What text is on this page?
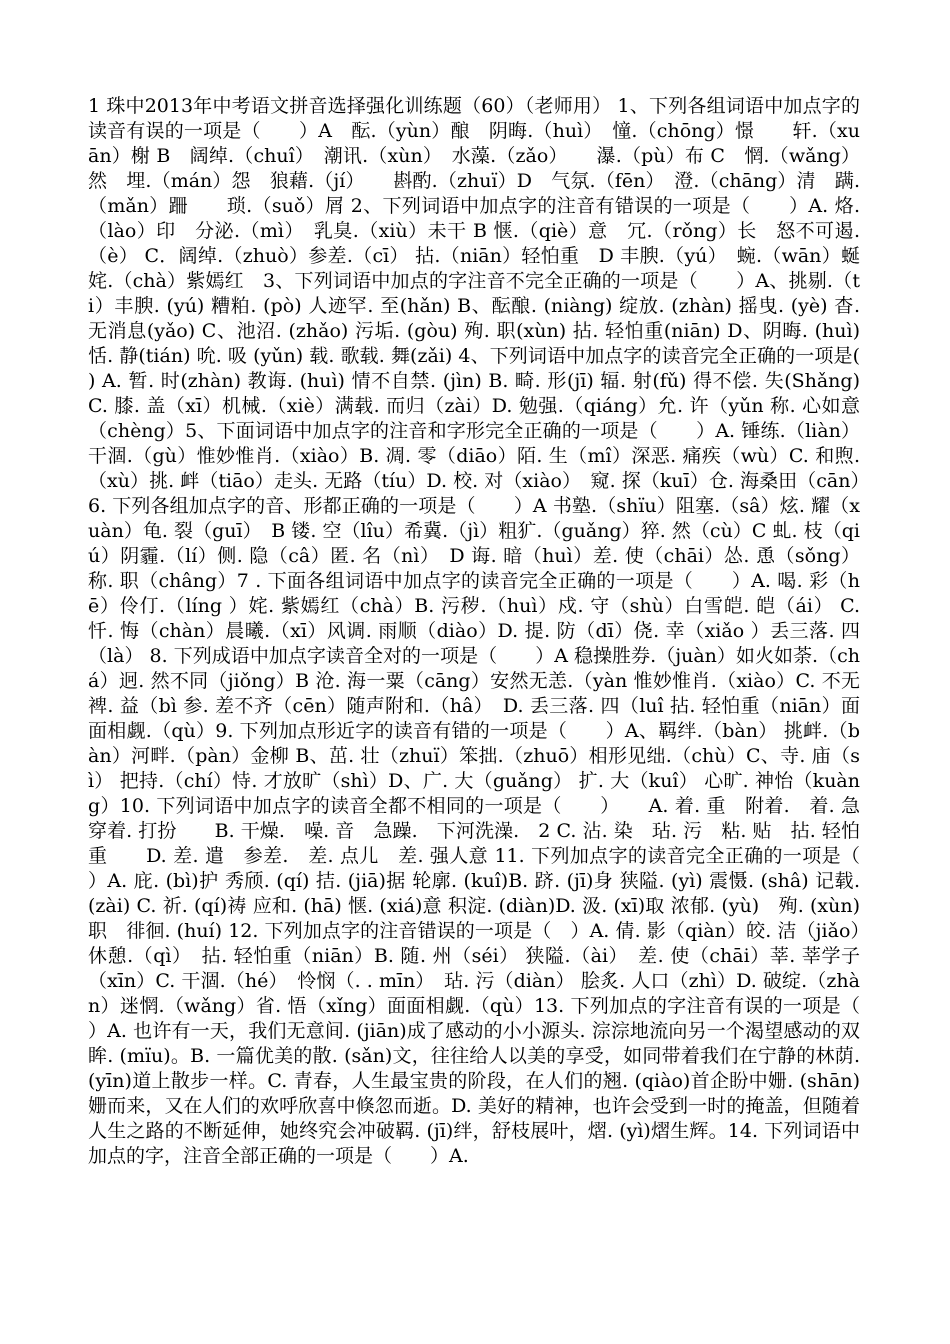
1 珠中2013年中考语文拼音选择强化训练题（60）（老师用） 1、下列各组词语中加点字的读音有误的一项是（　　）A　酝.（yùn）酿　阴晦.（huì）　憧.（chōng）憬　　轩.（xuān）榭 B　阔绰.（chuî）　潮讯.（xùn）　水藻.（zǎo）　　瀑.（pù）布 C　惘.（wǎng）然　埋.（mán）怨　狼藉.（jí）　　斟酌.（zhuï）D　气氛.（fēn）　澄.（chāng）清　蹒.（mǎn）跚　　琐.（suǒ）屑 2、下列词语中加点字的注音有错误的一项是（　　）A. 烙.（lào）印　分泌.（mì）　乳臭.（xiù）未干 B 惬.（qiè）意　冗.（rǒng）长　怒不可遏.（è） C．阔绰.（zhuò）参差.（cī） 拈.（niān）轻怕重　D 丰腴.（yú）　蜿.（wān）蜒　姹.（chà）紫嫣红　3、下列词语中加点的字注音不完全正确的一项是（　　）A、挑剔.（ti）丰腴. (yú) 糟粕. (pò) 人迹罕. 至(hǎn) B、酝酿. (niàng) 绽放. (zhàn) 摇曳. (yè) 杳. 无消息(yǎo) C、池沼. (zhǎo) 污垢. (gòu) 殉. 职(xùn) 拈. 轻怕重(niān) D、阴晦. (huì) 恬. 静(tián) 吮. 吸 (yǔn) 载. 歌载. 舞(zǎi) 4、下列词语中加点字的读音完全正确的一项是(　　) A. 暂. 时(zhàn) 教诲. (huì) 情不自禁. (jìn) B. 畸. 形(jī) 辐. 射(fǔ) 得不偿. 失(Shǎng) C. 膝. 盖（xī）机械.（xiè）满载. 而归（zài）D. 勉强.（qiáng）允. 许（yǔn 称. 心如意（chèng）5、下面词语中加点字的注音和字形完全正确的一项是（　　）A. 锤练.（liàn）干涸.（gù）惟妙惟肖.（xiào）B. 凋. 零（diāo）陌. 生（mî）深恶. 痛疾（wù）C. 和煦.（xù）挑. 衅（tiāo）走头. 无路（tíu）D. 校. 对（xiào）　窥. 探（kuī）仓. 海桑田（cān）6. 下列各组加点字的音、形都正确的一项是（　　）A 书塾.（shïu）阻塞.（sâ）炫. 耀（xuàn）龟. 裂（guī）　B 镂. 空（lîu）希冀.（jì）粗犷.（guǎng）猝. 然（cù）C 虬. 枝（qiú）阴霾.（lí）侧. 隐（câ）匿. 名（nì）　D 诲. 暗（huì）差. 使（chāi）怂. 恿（sǒng）称. 职（châng）7 . 下面各组词语中加点字的读音完全正确的一项是（　　）A. 喝. 彩（hē）伶仃.（líng ）姹. 紫嫣红（chà）B. 污秽.（huì）戍. 守（shù）白雪皑. 皑（ái） C. 忏. 悔（chàn）晨曦.（xī）风调. 雨顺（diào）D. 提. 防（dī）侥. 幸（xiǎo ）丢三落. 四（là） 8. 下列成语中加点字读音全对的一项是（　　）A 稳操胜券.（juàn）如火如荼.（chá）迥. 然不同（jiǒng）B 沧. 海一粟（cāng）安然无恙.（yàn 惟妙惟肖.（xiào）C. 不无裨. 益（bì 参. 差不齐（cēn）随声附和.（hâ）　D. 丢三落. 四（luî 拈. 轻怕重（niān）面面相觑.（qù）9. 下列加点形近字的读音有错的一项是（　　）A、羁绊.（bàn） 挑衅.（bàn）河畔.（pàn）金柳 B、茁. 壮（zhuï）笨拙.（zhuō）相形见绌.（chù）C、寺. 庙（sì） 把持.（chí）恃. 才放旷（shì）D、广. 大（guǎng） 扩. 大（kuî） 心旷. 神怡（kuàng）10. 下列词语中加点字的读音全都不相同的一项是（　　）　　A. 着. 重　附着.　着. 急　穿着. 打扮　　B. 干燥.　噪. 音　急躁.　下河洗澡.　2 C. 沾. 染　玷. 污　粘. 贴　拈. 轻怕重　　D. 差. 遣　参差.　差. 点儿　差. 强人意 11. 下列加点字的读音完全正确的一项是（　　）A. 庇. (bì)护 秀颀. (qí) 拮. (jiā)据 轮廓. (kuî)B. 跻. (jī)身 狭隘. (yì) 震慑. (shâ) 记载. (zài) C. 祈. (qí)祷 应和. (hā) 惬. (xiá)意 积淀. (diàn)D. 汲. (xī)取 浓郁. (yù)　殉. (xùn)职　徘徊. (huí) 12. 下列加点字的注音错误的一项是（　）A. 倩. 影（qiàn）皎. 洁（jiǎo）休憩.（qì）　拈. 轻怕重（niān）B. 随. 州（séi） 狭隘.（ài）　差. 使（chāi）莘. 莘学子（xīn）C. 干涸.（hé）　怜悯（. . mīn）　玷. 污（diàn） 脍炙. 人口（zhì）D. 破绽.（zhàn）迷惘.（wǎng）省. 悟（xǐng）面面相觑.（qù）13. 下列加点的字注音有误的一项是（　　）A. 也许有一天，我们无意间. (jiān)成了感动的小小源头. 淙淙地流向另一个渴望感动的双眸. (mïu)。B. 一篇优美的散. (sǎn)文，往往给人以美的享受，如同带着我们在宁静的林荫. (yīn)道上散步一样。C. 青春，人生最宝贵的阶段，在人们的翘. (qiào)首企盼中姗. (shān)姗而来，又在人们的欢呼欣喜中倏忽而逝。D. 美好的精神，也许会受到一时的掩盖，但随着人生之路的不断延伸，她终究会冲破羁. (jī)绊，舒枝展叶，熠. (yì)熠生辉。14. 下列词语中加点的字，注音全部正确的一项是（　　）A.
